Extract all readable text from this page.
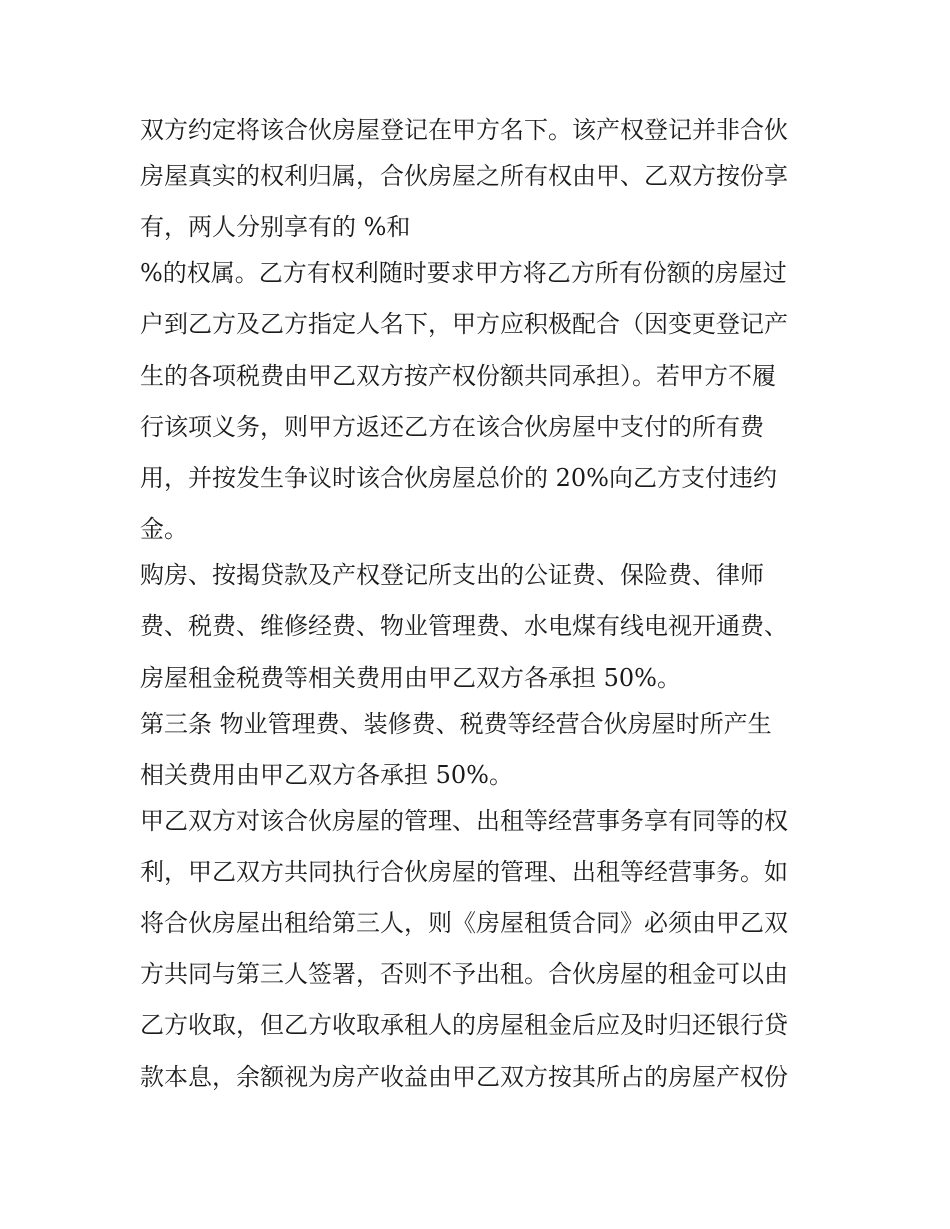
双方约定将该合伙房屋登记在甲方名下。该产权登记并非合伙
房屋真实的权利归属，合伙房屋之所有权由甲、乙双方按份享
有，两人分别享有的 %和
%的权属。乙方有权利随时要求甲方将乙方所有份额的房屋过
户到乙方及乙方指定人名下，甲方应积极配合（因变更登记产
生的各项税费由甲乙双方按产权份额共同承担）。若甲方不履
行该项义务，则甲方返还乙方在该合伙房屋中支付的所有费
用，并按发生争议时该合伙房屋总价的 20%向乙方支付违约
金。
购房、按揭贷款及产权登记所支出的公证费、保险费、律师
费、税费、维修经费、物业管理费、水电煤有线电视开通费、
房屋租金税费等相关费用由甲乙双方各承担 50%。
第三条 物业管理费、装修费、税费等经营合伙房屋时所产生
相关费用由甲乙双方各承担 50%。
甲乙双方对该合伙房屋的管理、出租等经营事务享有同等的权
利，甲乙双方共同执行合伙房屋的管理、出租等经营事务。如
将合伙房屋出租给第三人，则《房屋租赁合同》必须由甲乙双
方共同与第三人签署，否则不予出租。合伙房屋的租金可以由
乙方收取，但乙方收取承租人的房屋租金后应及时归还银行贷
款本息，余额视为房产收益由甲乙双方按其所占的房屋产权份
